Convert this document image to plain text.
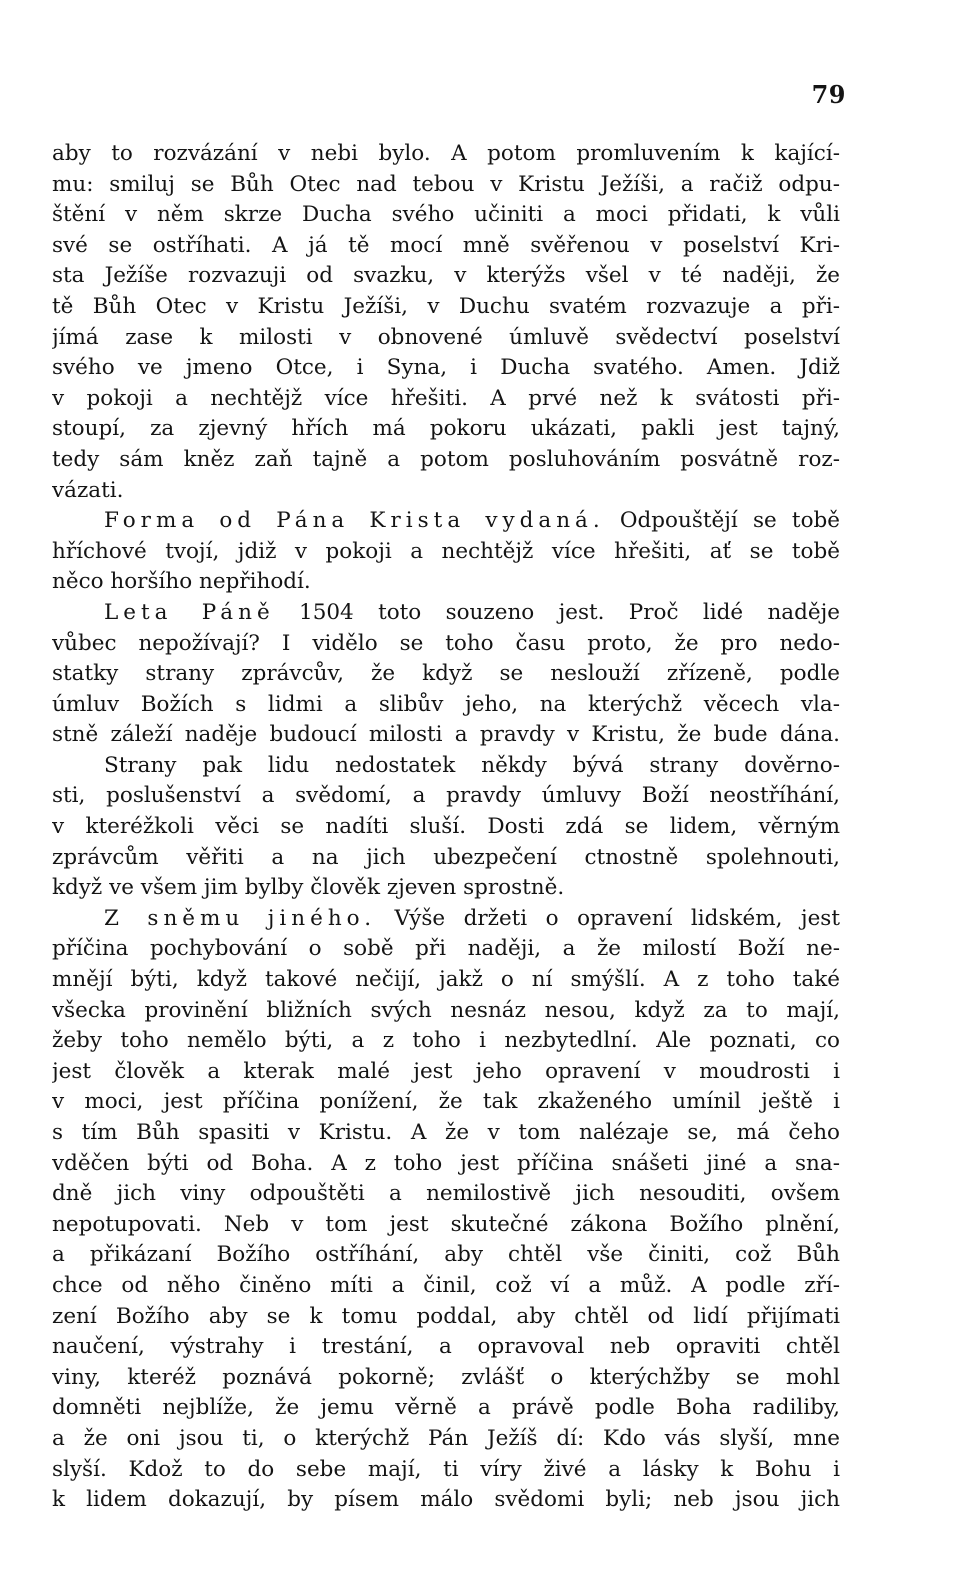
79
aby to rozvázání v nebi bylo. A potom promluvením k kající-
mu: smiluj se Bůh Otec nad tebou v Kristu Ježíši, a račiž odpu-
štění v něm skrze Ducha svého učiniti a moci přidati, k vůli
své se ostříhati. A já tě mocí mně svěřenou v poselství Kri-
sta Ježíše rozvazuji od svazku, v kterýžs všel v té naději, že
tě Bůh Otec v Kristu Ježíši, v Duchu svatém rozvazuje a při-
jímá zase k milosti v obnovené úmluvě svědectví poselství
svého ve jmeno Otce, i Syna, i Ducha svatého. Amen. Jdiž
v pokoji a nechtějž více hřešiti. A prvé než k svátosti při-
stoupí, za zjevný hřích má pokoru ukázati, pakli jest tajný,
tedy sám kněz zaň tajně a potom posluhováním posvátně roz-
vázati.
Forma od Pána Krista vydaná. Odpouštějí se tobě
hříchové tvojí, jdiž v pokoji a nechtějž více hřešiti, ať se tobě
něco horšího nepřihodí.
Leta Páně 1504 toto souzeno jest. Proč lidé naděje
vůbec nepožívají? I vidělo se toho času proto, že pro nedo-
statky strany zprávcův, že když se neslouží zřízeně, podle
úmluv Božích s lidmi a slibův jeho, na kterýchž věcech vla-
stně záleží naděje budoucí milosti a pravdy v Kristu, že bude dána.
Strany pak lidu nedostatek někdy bývá strany dověrno-
sti, poslušenství a svědomí, a pravdy úmluvy Boží neostříhání,
v kteréžkoli věci se nadíti sluší. Dosti zdá se lidem, věrným
zprávcům věřiti a na jich ubezpečení ctnostně spolehnouti,
když ve všem jim bylby člověk zjeven sprostně.
Z sněmu jiného. Výše držeti o opravení lidském, jest
příčina pochybování o sobě při naději, a že milostí Boží ne-
mnějí býti, když takové nečijí, jakž o ní smýšlí. A z toho také
všecka provinění bližních svých nesnáz nesou, když za to mají,
žeby toho nemělo býti, a z toho i nezbytedlní. Ale poznati, co
jest člověk a kterak malé jest jeho opravení v moudrosti i
v moci, jest příčina ponížení, že tak zkaženého umínil ještě i
s tím Bůh spasiti v Kristu. A že v tom nalézaje se, má čeho
vděčen býti od Boha. A z toho jest příčina snášeti jiné a sna-
dně jich viny odpouštěti a nemilostivě jich nesouditi, ovšem
nepotupovati. Neb v tom jest skutečné zákona Božího plnění,
a přikázaní Božího ostříhání, aby chtěl vše činiti, což Bůh
chce od něho činěno míti a činil, což ví a můž. A podle zří-
zení Božího aby se k tomu poddal, aby chtěl od lidí přijímati
naučení, výstrahy i trestání, a opravoval neb opraviti chtěl
viny, kteréž poznává pokorně; zvlášť o kterýchžby se mohl
domněti nejblíže, že jemu věrně a právě podle Boha radiliby,
a že oni jsou ti, o kterýchž Pán Ježíš dí: Kdo vás slyší, mne
slyší. Kdož to do sebe mají, ti víry živé a lásky k Bohu i
k lidem dokazují, by písem málo svědomi byli; neb jsou jich
